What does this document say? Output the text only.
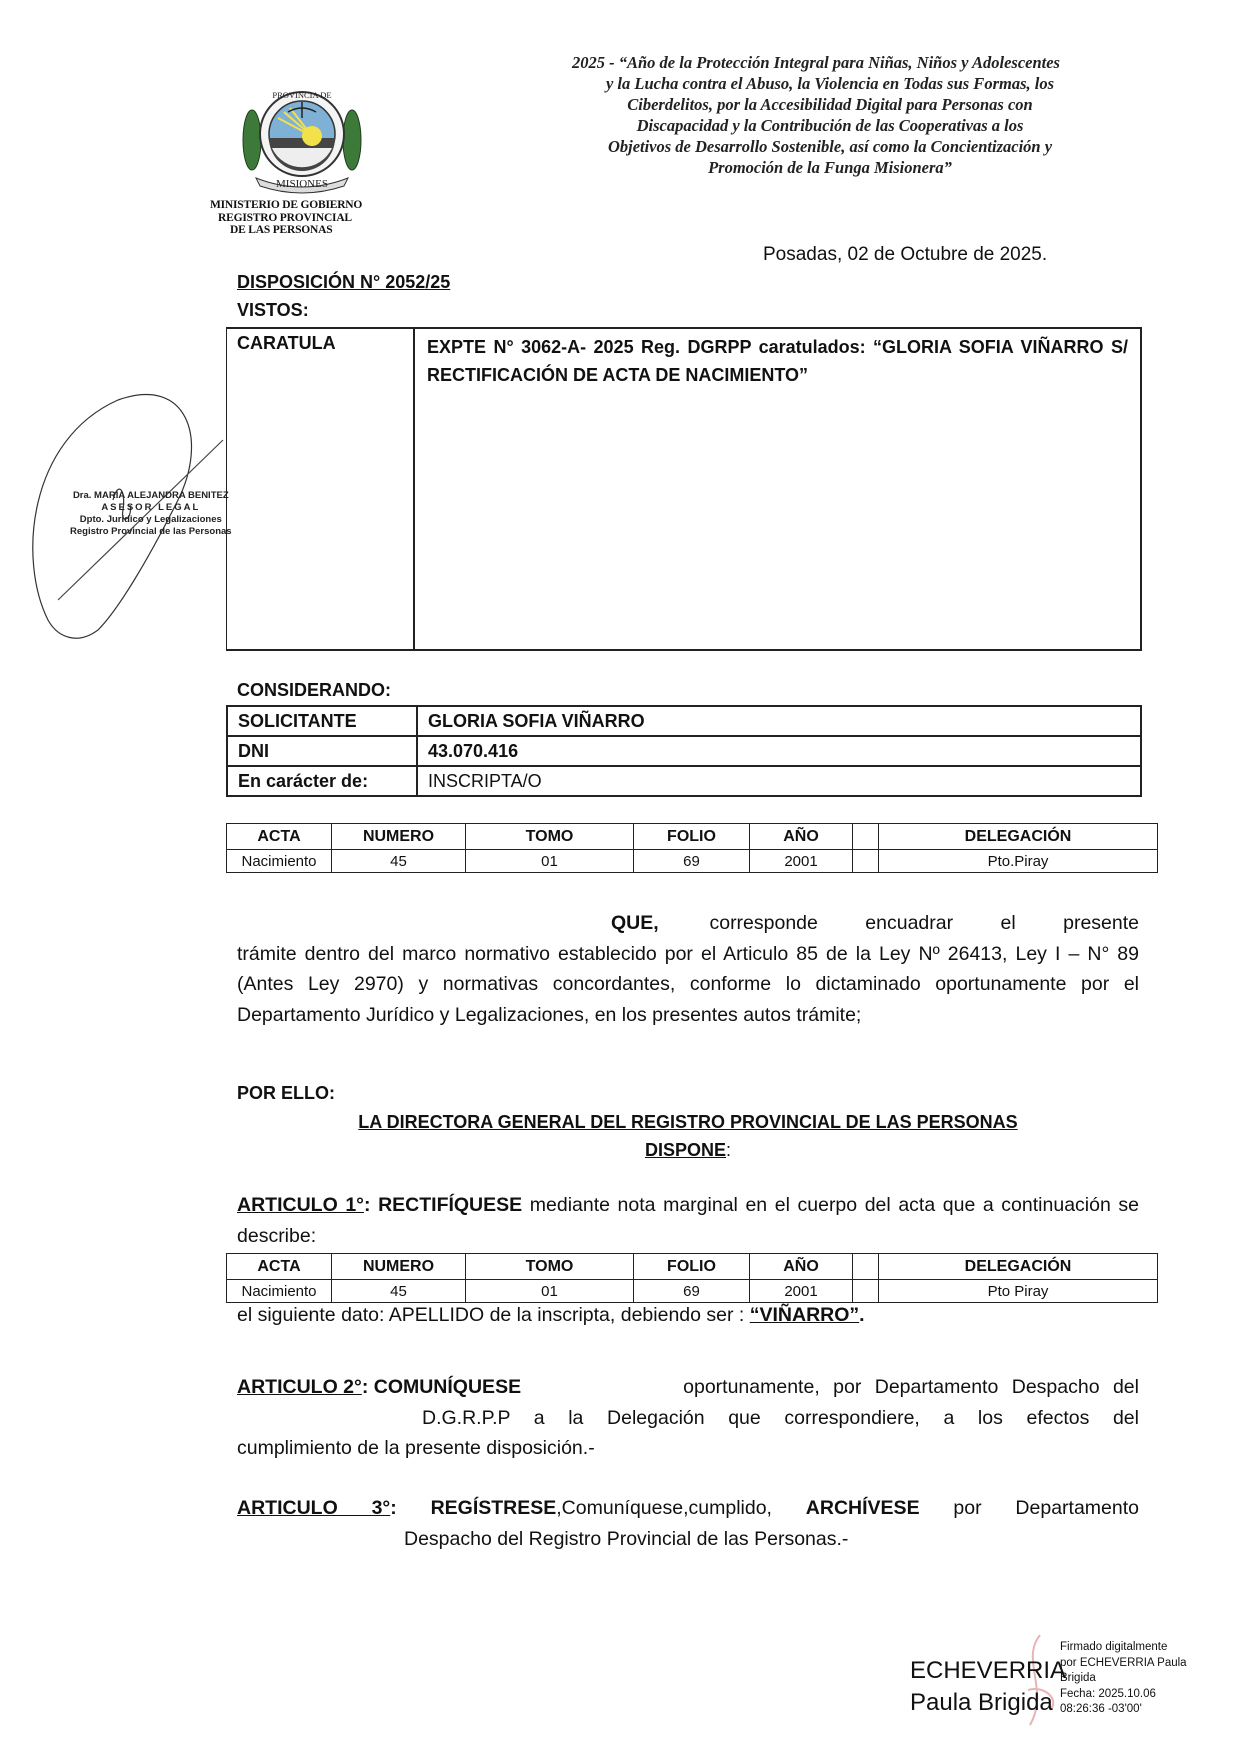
MISIONES
PROVINCIA DE
MINISTERIO DE GOBIERNO
REGISTRO PROVINCIAL
DE LAS PERSONAS
2025 - “Año de la Protección Integral para Niñas, Niños y Adolescentes
y la Lucha contra el Abuso, la Violencia en Todas sus Formas, los
Ciberdelitos, por la Accesibilidad Digital para Personas con
Discapacidad y la Contribución de las Cooperativas a los
Objetivos de Desarrollo Sostenible, así como la Concientización y
Promoción de la Funga Misionera”
Posadas, 02 de Octubre de 2025.
DISPOSICIÓN N° 2052/25
VISTOS:
CARATULA	EXPTE N° 3062-A- 2025 Reg. DGRPP caratulados: “GLORIA SOFIA VIÑARRO S/ RECTIFICACIÓN DE ACTA DE NACIMIENTO”
Dra. MARIA ALEJANDRA BENITEZ
ASESOR LEGAL
Dpto. Jurídico y Legalizaciones
Registro Provincial de las Personas
CONSIDERANDO:
SOLICITANTE	GLORIA SOFIA VIÑARRO
DNI	43.070.416
En carácter de:	INSCRIPTA/O
ACTA	NUMERO	TOMO	FOLIO	AÑO		DELEGACIÓN
Nacimiento	45	01	69	2001		Pto.Piray
QUE,	corresponde encuadrar el presente
trámite dentro del marco normativo establecido por el Articulo 85 de la Ley Nº 26413, Ley I – N° 89 (Antes Ley 2970) y normativas concordantes, conforme lo dictaminado oportunamente por el Departamento Jurídico y Legalizaciones, en los presentes autos trámite;
POR ELLO:
LA DIRECTORA GENERAL DEL REGISTRO PROVINCIAL DE LAS PERSONAS
DISPONE:
ARTICULO 1°: RECTIFÍQUESE mediante nota marginal en el cuerpo del acta que a continuación se describe:
ACTA	NUMERO	TOMO	FOLIO	AÑO		DELEGACIÓN
Nacimiento	45	01	69	2001		Pto Piray
el siguiente dato: APELLIDO de la inscripta, debiendo ser : “VIÑARRO”.
ARTICULO 2°: COMUNÍQUESE	oportunamente, por Departamento Despacho del
D.G.R.P.P a la Delegación que correspondiere, a los efectos del
cumplimiento de la presente disposición.-
ARTICULO 3°: REGÍSTRESE,Comuníquese,cumplido, ARCHÍVESE por Departamento
Despacho del Registro Provincial de las Personas.-
ECHEVERRIA
Paula Brigida
Firmado digitalmente
por ECHEVERRIA Paula
Brigida
Fecha: 2025.10.06
08:26:36 -03'00'
